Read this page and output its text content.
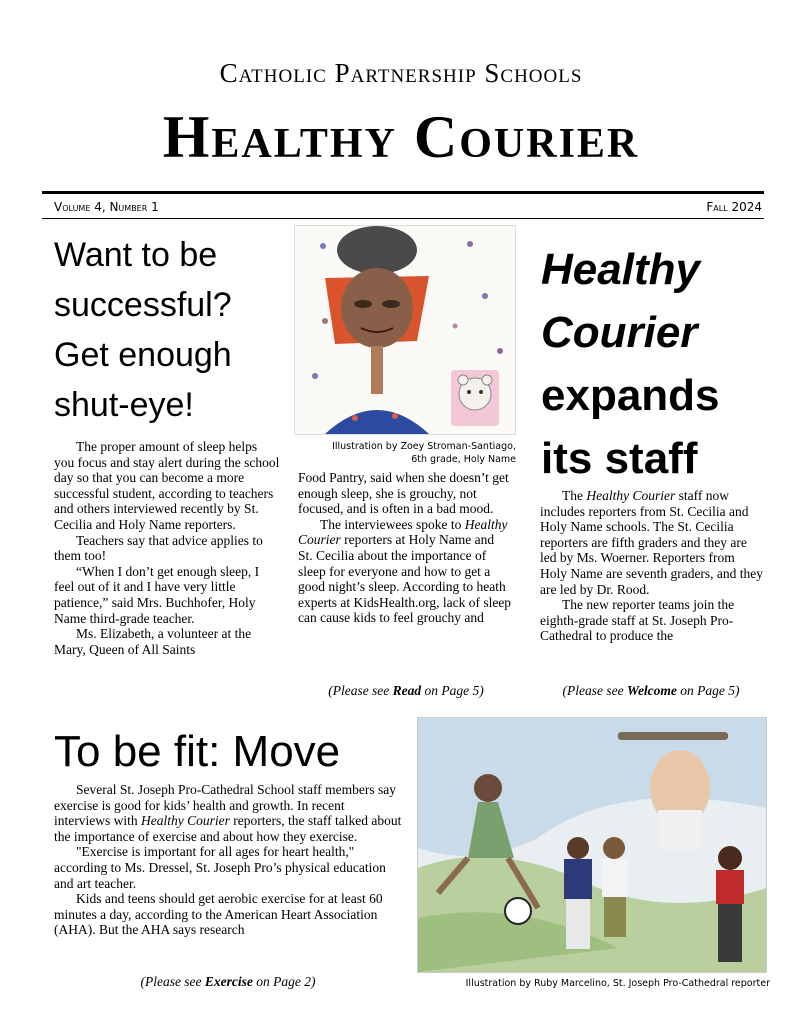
Catholic Partnership Schools
Healthy Courier
Volume 4, Number 1	Fall 2024
Want to be successful? Get enough shut-eye!

The proper amount of sleep helps you focus and stay alert during the school day so that you can become a more successful student, according to teachers and others interviewed recently by St. Cecilia and Holy Name reporters.

Teachers say that advice applies to them too!

“When I don’t get enough sleep, I feel out of it and I have very little patience,” said Mrs. Buchhofer, Holy Name third-grade teacher.

Ms. Elizabeth, a volunteer at the Mary, Queen of All Saints

Illustration by Zoey Stroman-Santiago,
6th grade, Holy Name

Food Pantry, said when she doesn’t get enough sleep, she is grouchy, not focused, and is often in a bad mood.

The interviewees spoke to Healthy Courier reporters at Holy Name and St. Cecilia about the importance of sleep for everyone and how to get a good night’s sleep. According to heath experts at KidsHealth.org, lack of sleep can cause kids to feel grouchy and

(Please see Read on Page 5)
Healthy
Courier
expands
its staff

The Healthy Courier staff now includes reporters from St. Cecilia and Holy Name schools. The St. Cecilia reporters are fifth graders and they are led by Ms. Woerner. Reporters from Holy Name are seventh graders, and they are led by Dr. Rood.

The new reporter teams join the eighth-grade staff at St. Joseph Pro-Cathedral to produce the

(Please see Welcome on Page 5)
To be fit: Move

Several St. Joseph Pro-Cathedral School staff members say exercise is good for kids’ health and growth. In recent interviews with Healthy Courier reporters, the staff talked about the importance of exercise and about how they exercise.

"Exercise is important for all ages for heart health," according to Ms. Dressel, St. Joseph Pro’s physical education and art teacher.

Kids and teens should get aerobic exercise for at least 60 minutes a day, according to the American Heart Association (AHA). But the AHA says research

(Please see Exercise on Page 2)	Illustration by Ruby Marcelino, St. Joseph Pro-Cathedral reporter
